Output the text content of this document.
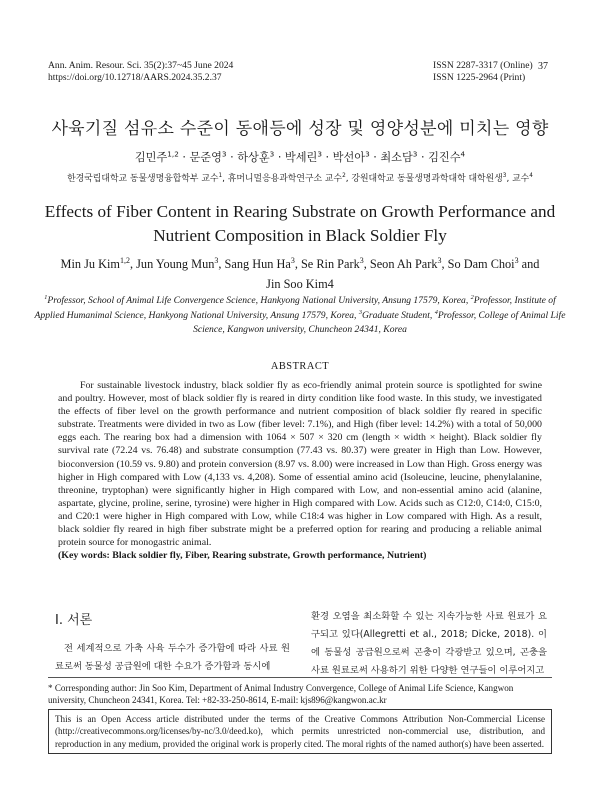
Ann. Anim. Resour. Sci. 35(2):37~45 June 2024
https://doi.org/10.12718/AARS.2024.35.2.37
ISSN 2287-3317 (Online)
ISSN 1225-2964 (Print)
37
사육기질 섬유소 수준이 동애등에 성장 및 영양성분에 미치는 영향
김민주$^{1,2}$ · 문준영$^3$ · 하상훈$^3$ · 박세린$^3$ · 박선아$^3$ · 최소담$^3$ · 김진수$^4$
한경국립대학교 동물생명융합학부 교수$^1$, 휴머니멀응용과학연구소 교수$^2$, 강원대학교 동물생명과학대학 대학원생$^3$, 교수$^4$
Effects of Fiber Content in Rearing Substrate on Growth Performance and
Nutrient Composition in Black Soldier Fly
Min Ju Kim$^{1,2}$, Jun Young Mun$^3$, Sang Hun Ha$^3$, Se Rin Park$^3$, Seon Ah Park$^3$, So Dam Choi$^3$ and
Jin Soo Kim4
$^1$Professor, School of Animal Life Convergence Science, Hankyong National University, Ansung 17579, Korea, $^2$Professor, Institute of Applied Humanimal Science, Hankyong National University, Ansung 17579, Korea, $^3$Graduate Student, $^4$Professor, College of Animal Life Science, Kangwon university, Chuncheon 24341, Korea
ABSTRACT
For sustainable livestock industry, black soldier fly as eco-friendly animal protein source is spotlighted for swine and poultry. However, most of black soldier fly is reared in dirty condition like food waste. In this study, we investigated the effects of fiber level on the growth performance and nutrient composition of black soldier fly reared in specific substrate. Treatments were divided in two as Low (fiber level: 7.1%), and High (fiber level: 14.2%) with a total of 50,000 eggs each. The rearing box had a dimension with 1064 × 507 × 320 cm (length × width × height). Black soldier fly survival rate (72.24 vs. 76.48) and substrate consumption (77.43 vs. 80.37) were greater in High than Low. However, bioconversion (10.59 vs. 9.80) and protein conversion (8.97 vs. 8.00) were increased in Low than High. Gross energy was higher in High compared with Low (4,133 vs. 4,208). Some of essential amino acid (Isoleucine, leucine, phenylalanine, threonine, tryptophan) were significantly higher in High compared with Low, and non-essential amino acid (alanine, aspartate, glycine, proline, serine, tyrosine) were higher in High compared with Low. Acids such as C12:0, C14:0, C15:0, and C20:1 were higher in High compared with Low, while C18:4 was higher in Low compared with High. As a result, black soldier fly reared in high fiber substrate might be a preferred option for rearing and producing a reliable animal protein source for monogastric animal.
(Key words: Black soldier fly, Fiber, Rearing substrate, Growth performance, Nutrient)
Ⅰ. 서론
전 세계적으로 가축 사육 두수가 증가함에 따라 사료 원료로써 동물성 공급원에 대한 수요가 증가함과 동시에
환경 오염을 최소화할 수 있는 지속가능한 사료 원료가 요구되고 있다(Allegretti et al., 2018; Dicke, 2018). 이에 동물성 공급원으로써 곤충이 각광받고 있으며, 곤충을 사료 원료로써 사용하기 위한 다양한 연구들이 이루어지고
* Corresponding author: Jin Soo Kim, Department of Animal Industry Convergence, College of Animal Life Science, Kangwon university, Chuncheon 24341, Korea. Tel: +82-33-250-8614, E-mail: kjs896@kangwon.ac.kr
This is an Open Access article distributed under the terms of the Creative Commons Attribution Non-Commercial License (http://creativecommons.org/licenses/by-nc/3.0/deed.ko), which permits unrestricted non-commercial use, distribution, and reproduction in any medium, provided the original work is properly cited. The moral rights of the named author(s) have been asserted.
